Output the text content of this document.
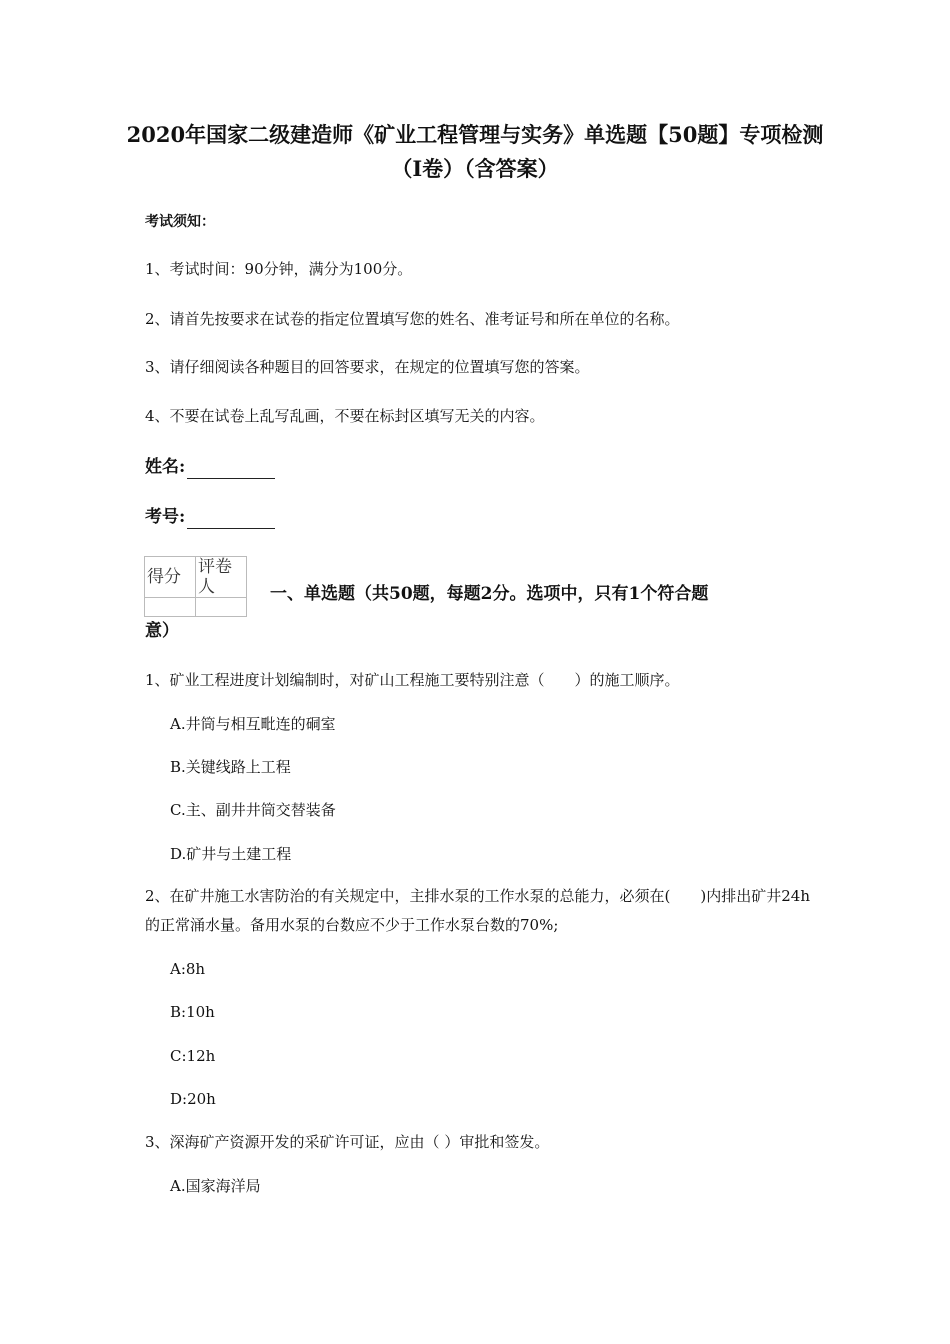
2020年国家二级建造师《矿业工程管理与实务》单选题【50题】专项检测（I卷）（含答案）

考试须知：

1、考试时间：90分钟，满分为100分。

2、请首先按要求在试卷的指定位置填写您的姓名、准考证号和所在单位的名称。

3、请仔细阅读各种题目的回答要求，在规定的位置填写您的答案。

4、不要在试卷上乱写乱画，不要在标封区填写无关的内容。

姓名:
考号:
得分	评卷人
		一、单选题（共50题，每题2分。选项中，只有1个符合题

意）

1、矿业工程进度计划编制时，对矿山工程施工要特别注意（　　）的施工顺序。

A.井筒与相互毗连的硐室

B.关键线路上工程

C.主、副井井筒交替装备

D.矿井与土建工程

2、在矿井施工水害防治的有关规定中，主排水泵的工作水泵的总能力，必须在(　　)内排出矿井24h的正常涌水量。备用水泵的台数应不少于工作水泵台数的70%;

A:8h

B:10h

C:12h

D:20h

3、深海矿产资源开发的采矿许可证，应由（ ）审批和签发。

A.国家海洋局
